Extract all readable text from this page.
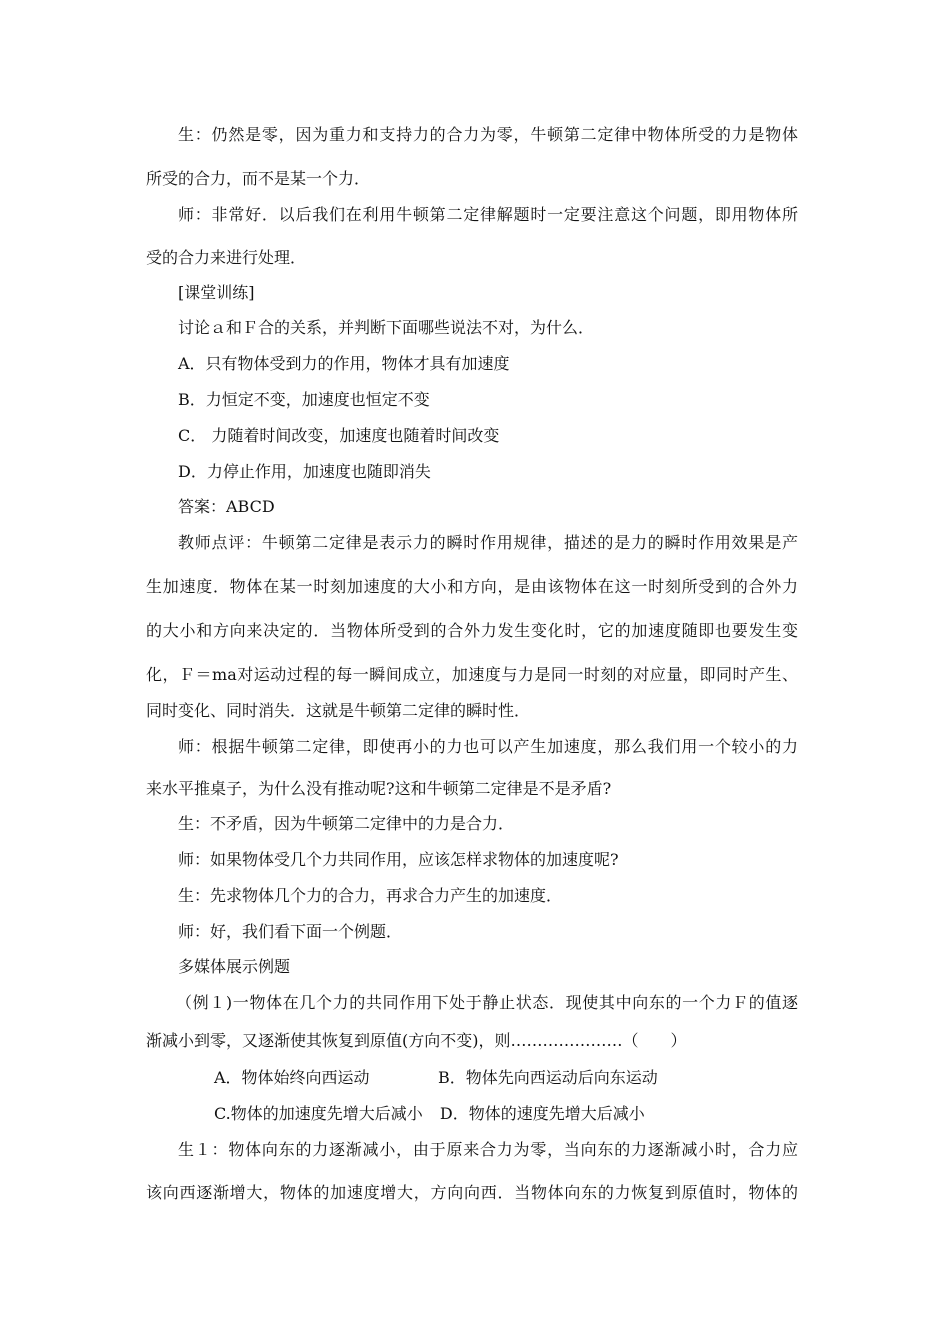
生：仍然是零，因为重力和支持力的合力为零，牛顿第二定律中物体所受的力是物体
所受的合力，而不是某一个力．
师：非常好．以后我们在利用牛顿第二定律解题时一定要注意这个问题，即用物体所
受的合力来进行处理．
[课堂训练]
讨论ａ和Ｆ合的关系，并判断下面哪些说法不对，为什么．
A．只有物体受到力的作用，物体才具有加速度
B．力恒定不变，加速度也恒定不变
C． 力随着时间改变，加速度也随着时间改变
D．力停止作用，加速度也随即消失
答案：ABCD
教师点评：牛顿第二定律是表示力的瞬时作用规律，描述的是力的瞬时作用效果是产
生加速度．物体在某一时刻加速度的大小和方向，是由该物体在这一时刻所受到的合外力
的大小和方向来决定的．当物体所受到的合外力发生变化时，它的加速度随即也要发生变
化，Ｆ＝ma对运动过程的每一瞬间成立，加速度与力是同一时刻的对应量，即同时产生、
同时变化、同时消失．这就是牛顿第二定律的瞬时性．
师：根据牛顿第二定律，即使再小的力也可以产生加速度，那么我们用一个较小的力
来水平推桌子，为什么没有推动呢?这和牛顿第二定律是不是矛盾?
生：不矛盾，因为牛顿第二定律中的力是合力．
师：如果物体受几个力共同作用，应该怎样求物体的加速度呢?
生：先求物体几个力的合力，再求合力产生的加速度．
师：好，我们看下面一个例题．
多媒体展示例题
（例１)一物体在几个力的共同作用下处于静止状态．现使其中向东的一个力Ｆ的值逐
渐减小到零，又逐渐使其恢复到原值(方向不变)，则…………………（　　）
A．物体始终向西运动	B．物体先向西运动后向东运动
C.物体的加速度先增大后减小 D．物体的速度先增大后减小
生１：物体向东的力逐渐减小，由于原来合力为零，当向东的力逐渐减小时，合力应
该向西逐渐增大，物体的加速度增大，方向向西．当物体向东的力恢复到原值时，物体的
